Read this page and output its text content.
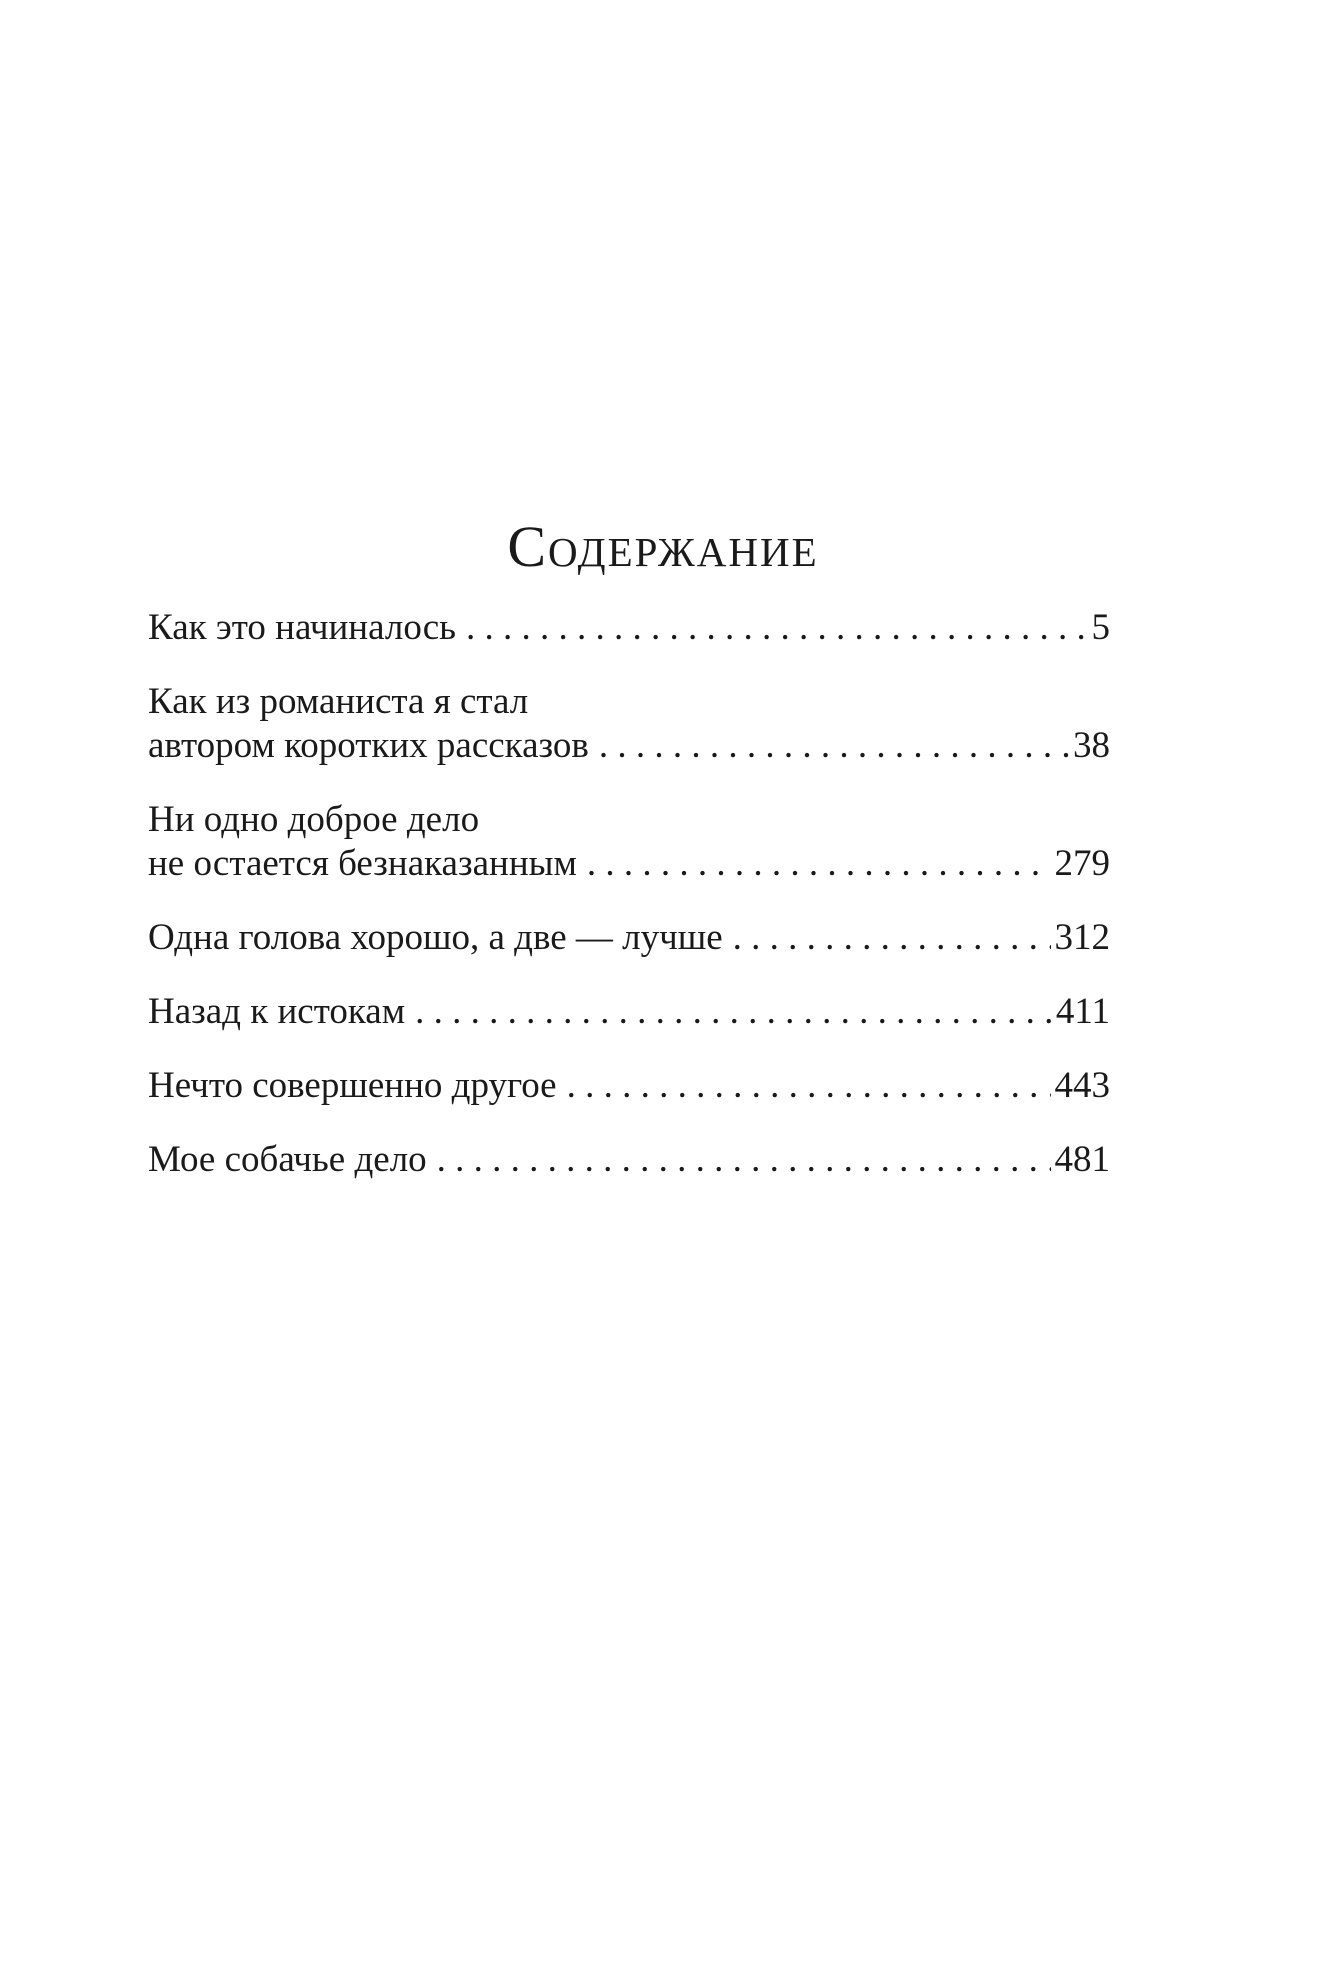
Содержание
Как это начиналось . . .	5
Как из романиста я стал
автором коротких рассказов . . .	38
Ни одно доброе дело
не остается безнаказанным . . .	279
Одна голова хорошо, а две — лучше . . .	312
Назад к истокам . . .	411
Нечто совершенно другое . . .	443
Мое собачье дело . . .	481
